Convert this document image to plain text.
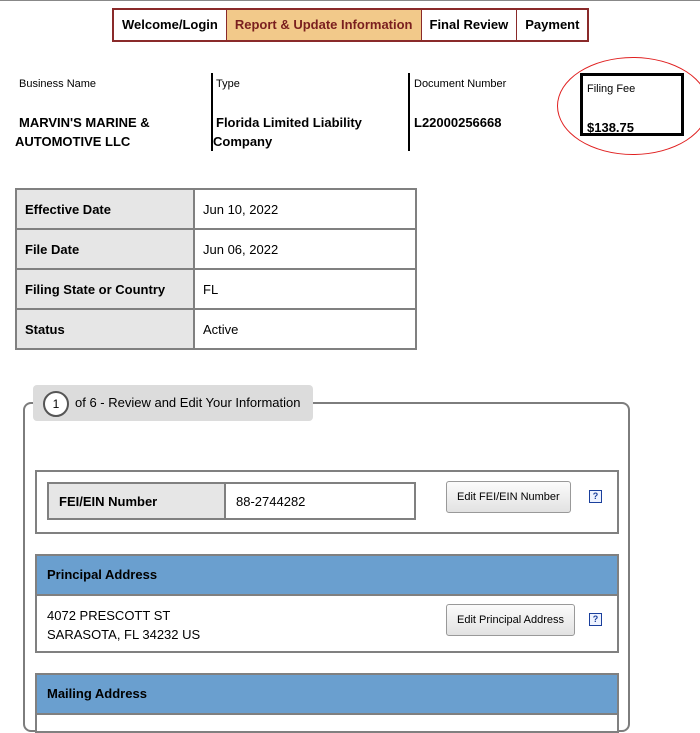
Welcome/Login	Report & Update Information	Final Review	Payment
Business Name
MARVIN'S MARINE &
AUTOMOTIVE LLC
Type
Florida Limited Liability
Company
Document Number
L22000256668
Filing Fee
$138.75
Effective Date	Jun 10, 2022
File Date	Jun 06, 2022
Filing State or Country	FL
Status	Active
1	of 6 - Review and Edit Your Information
FEI/EIN Number	88-2744282	Edit FEI/EIN Number	?
Principal Address
4072 PRESCOTT ST
SARASOTA, FL 34232 US
Edit Principal Address	?
Mailing Address
